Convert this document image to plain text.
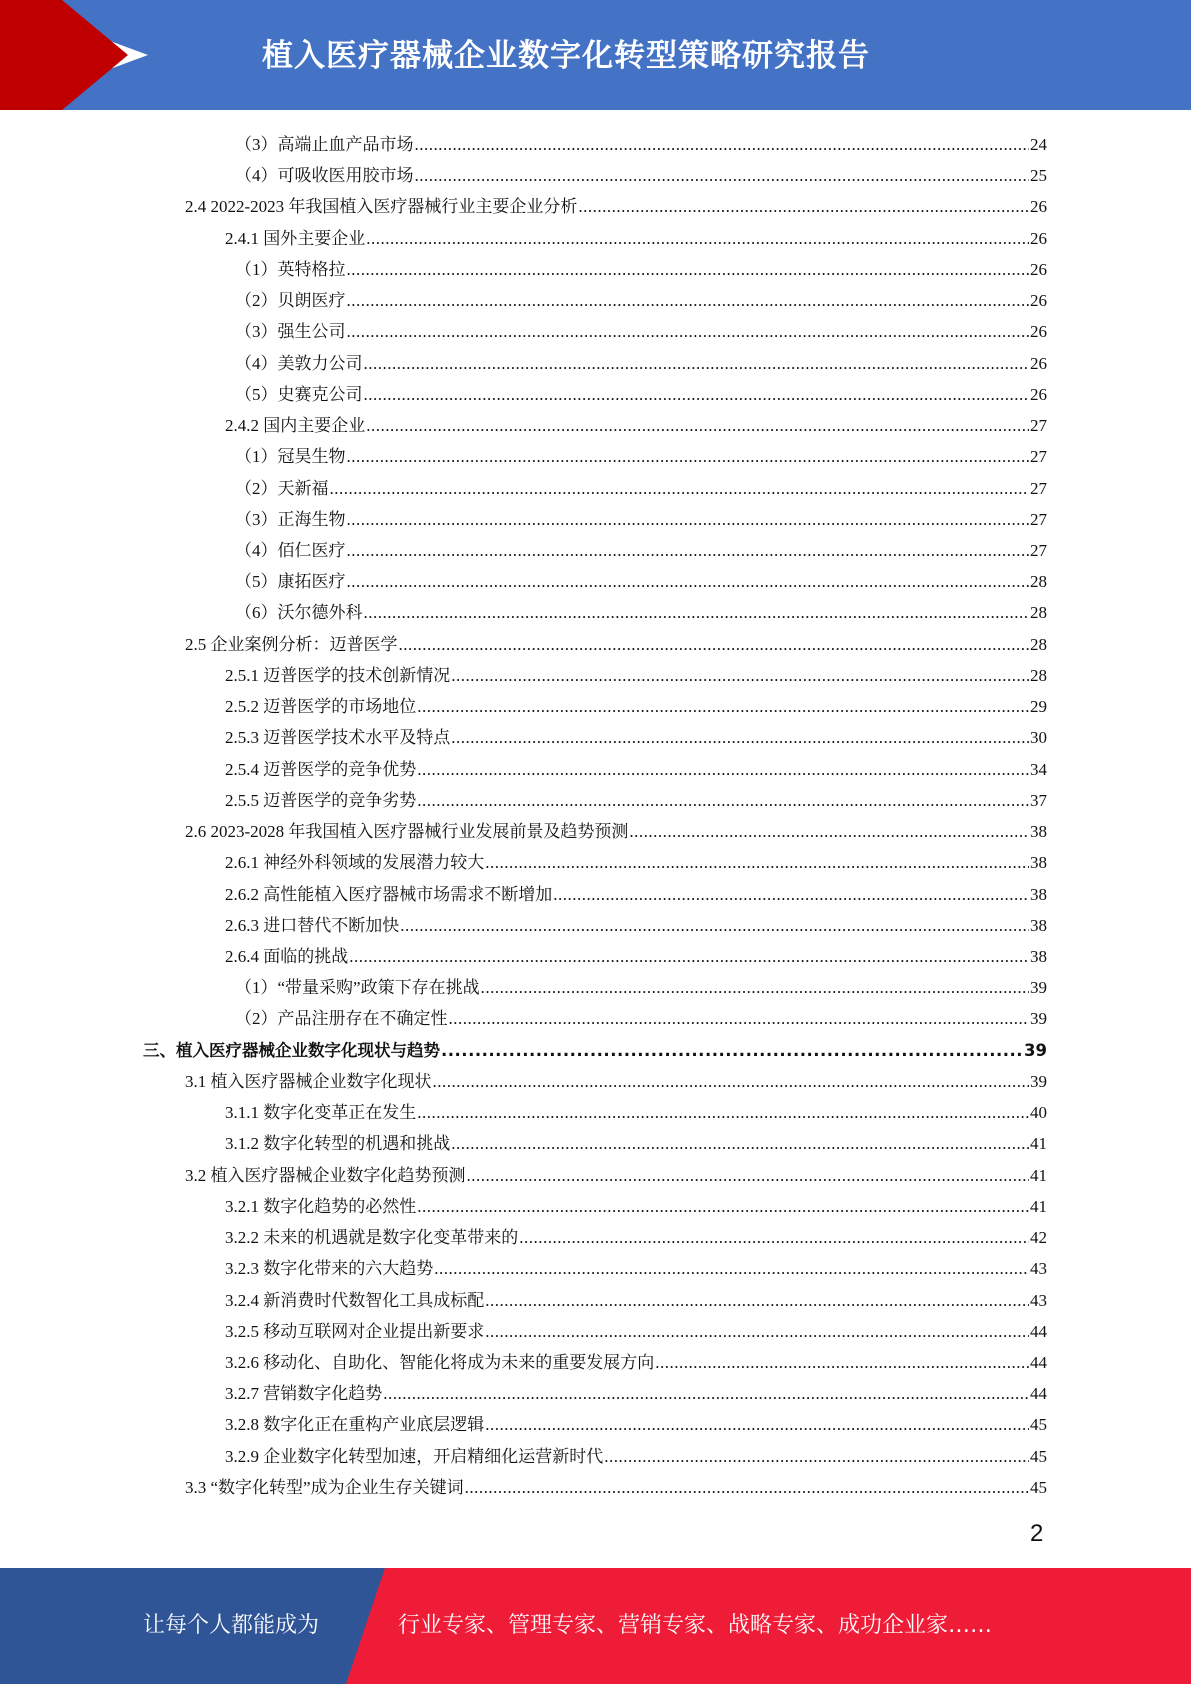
植入医疗器械企业数字化转型策略研究报告
（3）高端止血产品市场 .....	24
（4）可吸收医用胶市场 .....	25
2.4 2022-2023 年我国植入医疗器械行业主要企业分析 .....	26
2.4.1 国外主要企业 .....	26
（1）英特格拉 .....	26
（2）贝朗医疗 .....	26
（3）强生公司 .....	26
（4）美敦力公司 .....	26
（5）史赛克公司 .....	26
2.4.2 国内主要企业 .....	27
（1）冠昊生物 .....	27
（2）天新福 .....	27
（3）正海生物 .....	27
（4）佰仁医疗 .....	27
（5）康拓医疗 .....	28
（6）沃尔德外科 .....	28
2.5 企业案例分析：迈普医学 .....	28
2.5.1 迈普医学的技术创新情况 .....	28
2.5.2 迈普医学的市场地位 .....	29
2.5.3 迈普医学技术水平及特点 .....	30
2.5.4 迈普医学的竞争优势 .....	34
2.5.5 迈普医学的竞争劣势 .....	37
2.6 2023-2028 年我国植入医疗器械行业发展前景及趋势预测 .....	38
2.6.1 神经外科领域的发展潜力较大 .....	38
2.6.2 高性能植入医疗器械市场需求不断增加 .....	38
2.6.3 进口替代不断加快 .....	38
2.6.4 面临的挑战 .....	38
（1）“带量采购”政策下存在挑战 .....	39
（2）产品注册存在不确定性 .....	39
三、植入医疗器械企业数字化现状与趋势 .....	39
3.1 植入医疗器械企业数字化现状 .....	39
3.1.1 数字化变革正在发生 .....	40
3.1.2 数字化转型的机遇和挑战 .....	41
3.2 植入医疗器械企业数字化趋势预测 .....	41
3.2.1 数字化趋势的必然性 .....	41
3.2.2 未来的机遇就是数字化变革带来的 .....	42
3.2.3 数字化带来的六大趋势 .....	43
3.2.4 新消费时代数智化工具成标配 .....	43
3.2.5 移动互联网对企业提出新要求 .....	44
3.2.6 移动化、自助化、智能化将成为未来的重要发展方向 .....	44
3.2.7 营销数字化趋势 .....	44
3.2.8 数字化正在重构产业底层逻辑 .....	45
3.2.9 企业数字化转型加速，开启精细化运营新时代 .....	45
3.3 “数字化转型”成为企业生存关键词 .....	45
2
让每个人都能成为	行业专家、管理专家、营销专家、战略专家、成功企业家……
